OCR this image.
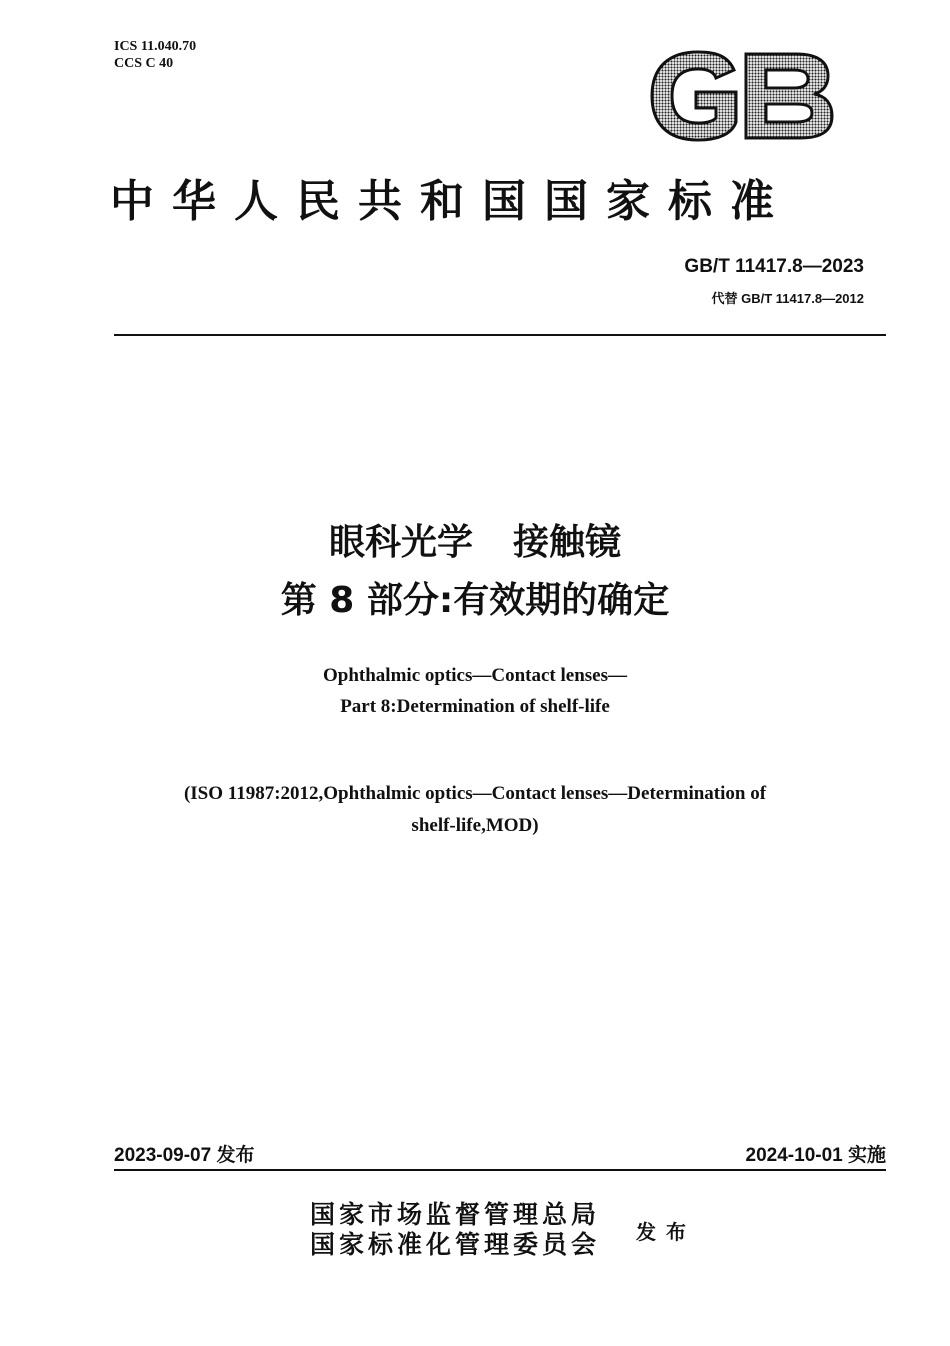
ICS 11.040.70
CCS C 40
中华人民共和国国家标准
GB/T 11417.8—2023
代替 GB/T 11417.8—2012
眼科光学 接触镜
第 8 部分:有效期的确定
Ophthalmic optics—Contact lenses—
Part 8:Determination of shelf-life
(ISO 11987:2012,Ophthalmic optics—Contact lenses—Determination of
shelf-life,MOD)
2023-09-07 发布	2024-10-01 实施
国家市场监督管理总局
国家标准化管理委员会 发布
